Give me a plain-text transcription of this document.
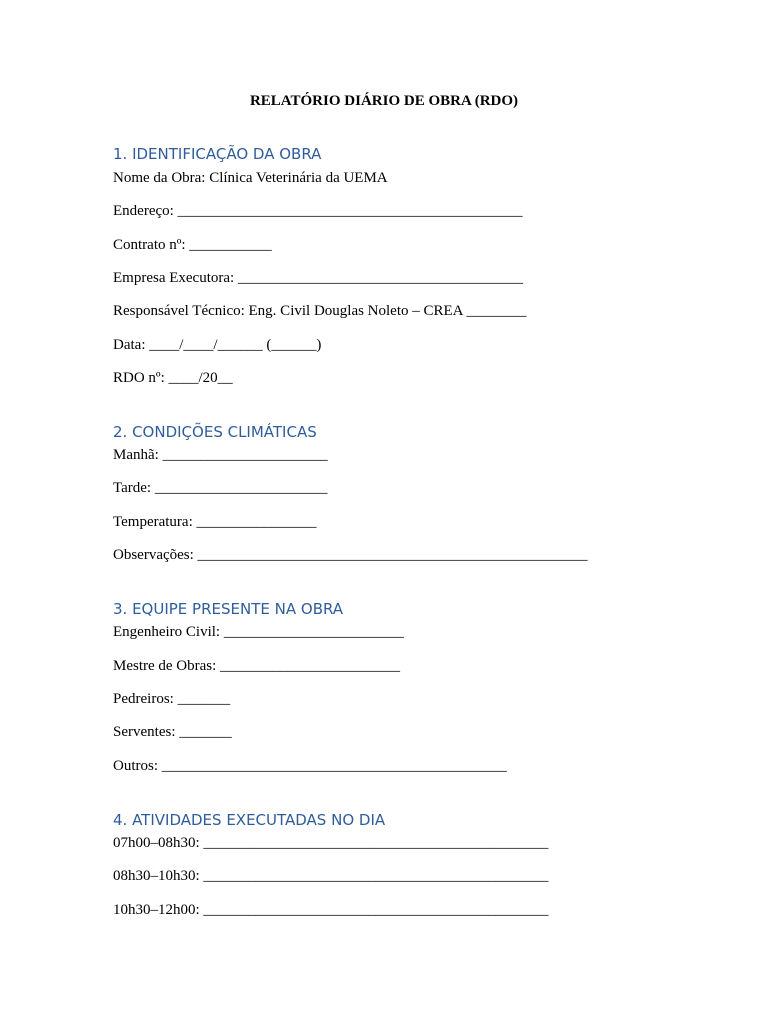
RELATÓRIO DIÁRIO DE OBRA (RDO)
1. IDENTIFICAÇÃO DA OBRA
Nome da Obra: Clínica Veterinária da UEMA
Endereço: ______________________________________________
Contrato nº: ___________
Empresa Executora: ______________________________________
Responsável Técnico: Eng. Civil Douglas Noleto – CREA ________
Data: ____/____/______ (______)
RDO nº: ____/20__
2. CONDIÇÕES CLIMÁTICAS
Manhã: ______________________
Tarde: _______________________
Temperatura: ________________
Observações: ____________________________________________________
3. EQUIPE PRESENTE NA OBRA
Engenheiro Civil: ________________________
Mestre de Obras: ________________________
Pedreiros: _______
Serventes: _______
Outros: ______________________________________________
4. ATIVIDADES EXECUTADAS NO DIA
07h00–08h30: ______________________________________________
08h30–10h30: ______________________________________________
10h30–12h00: ______________________________________________
